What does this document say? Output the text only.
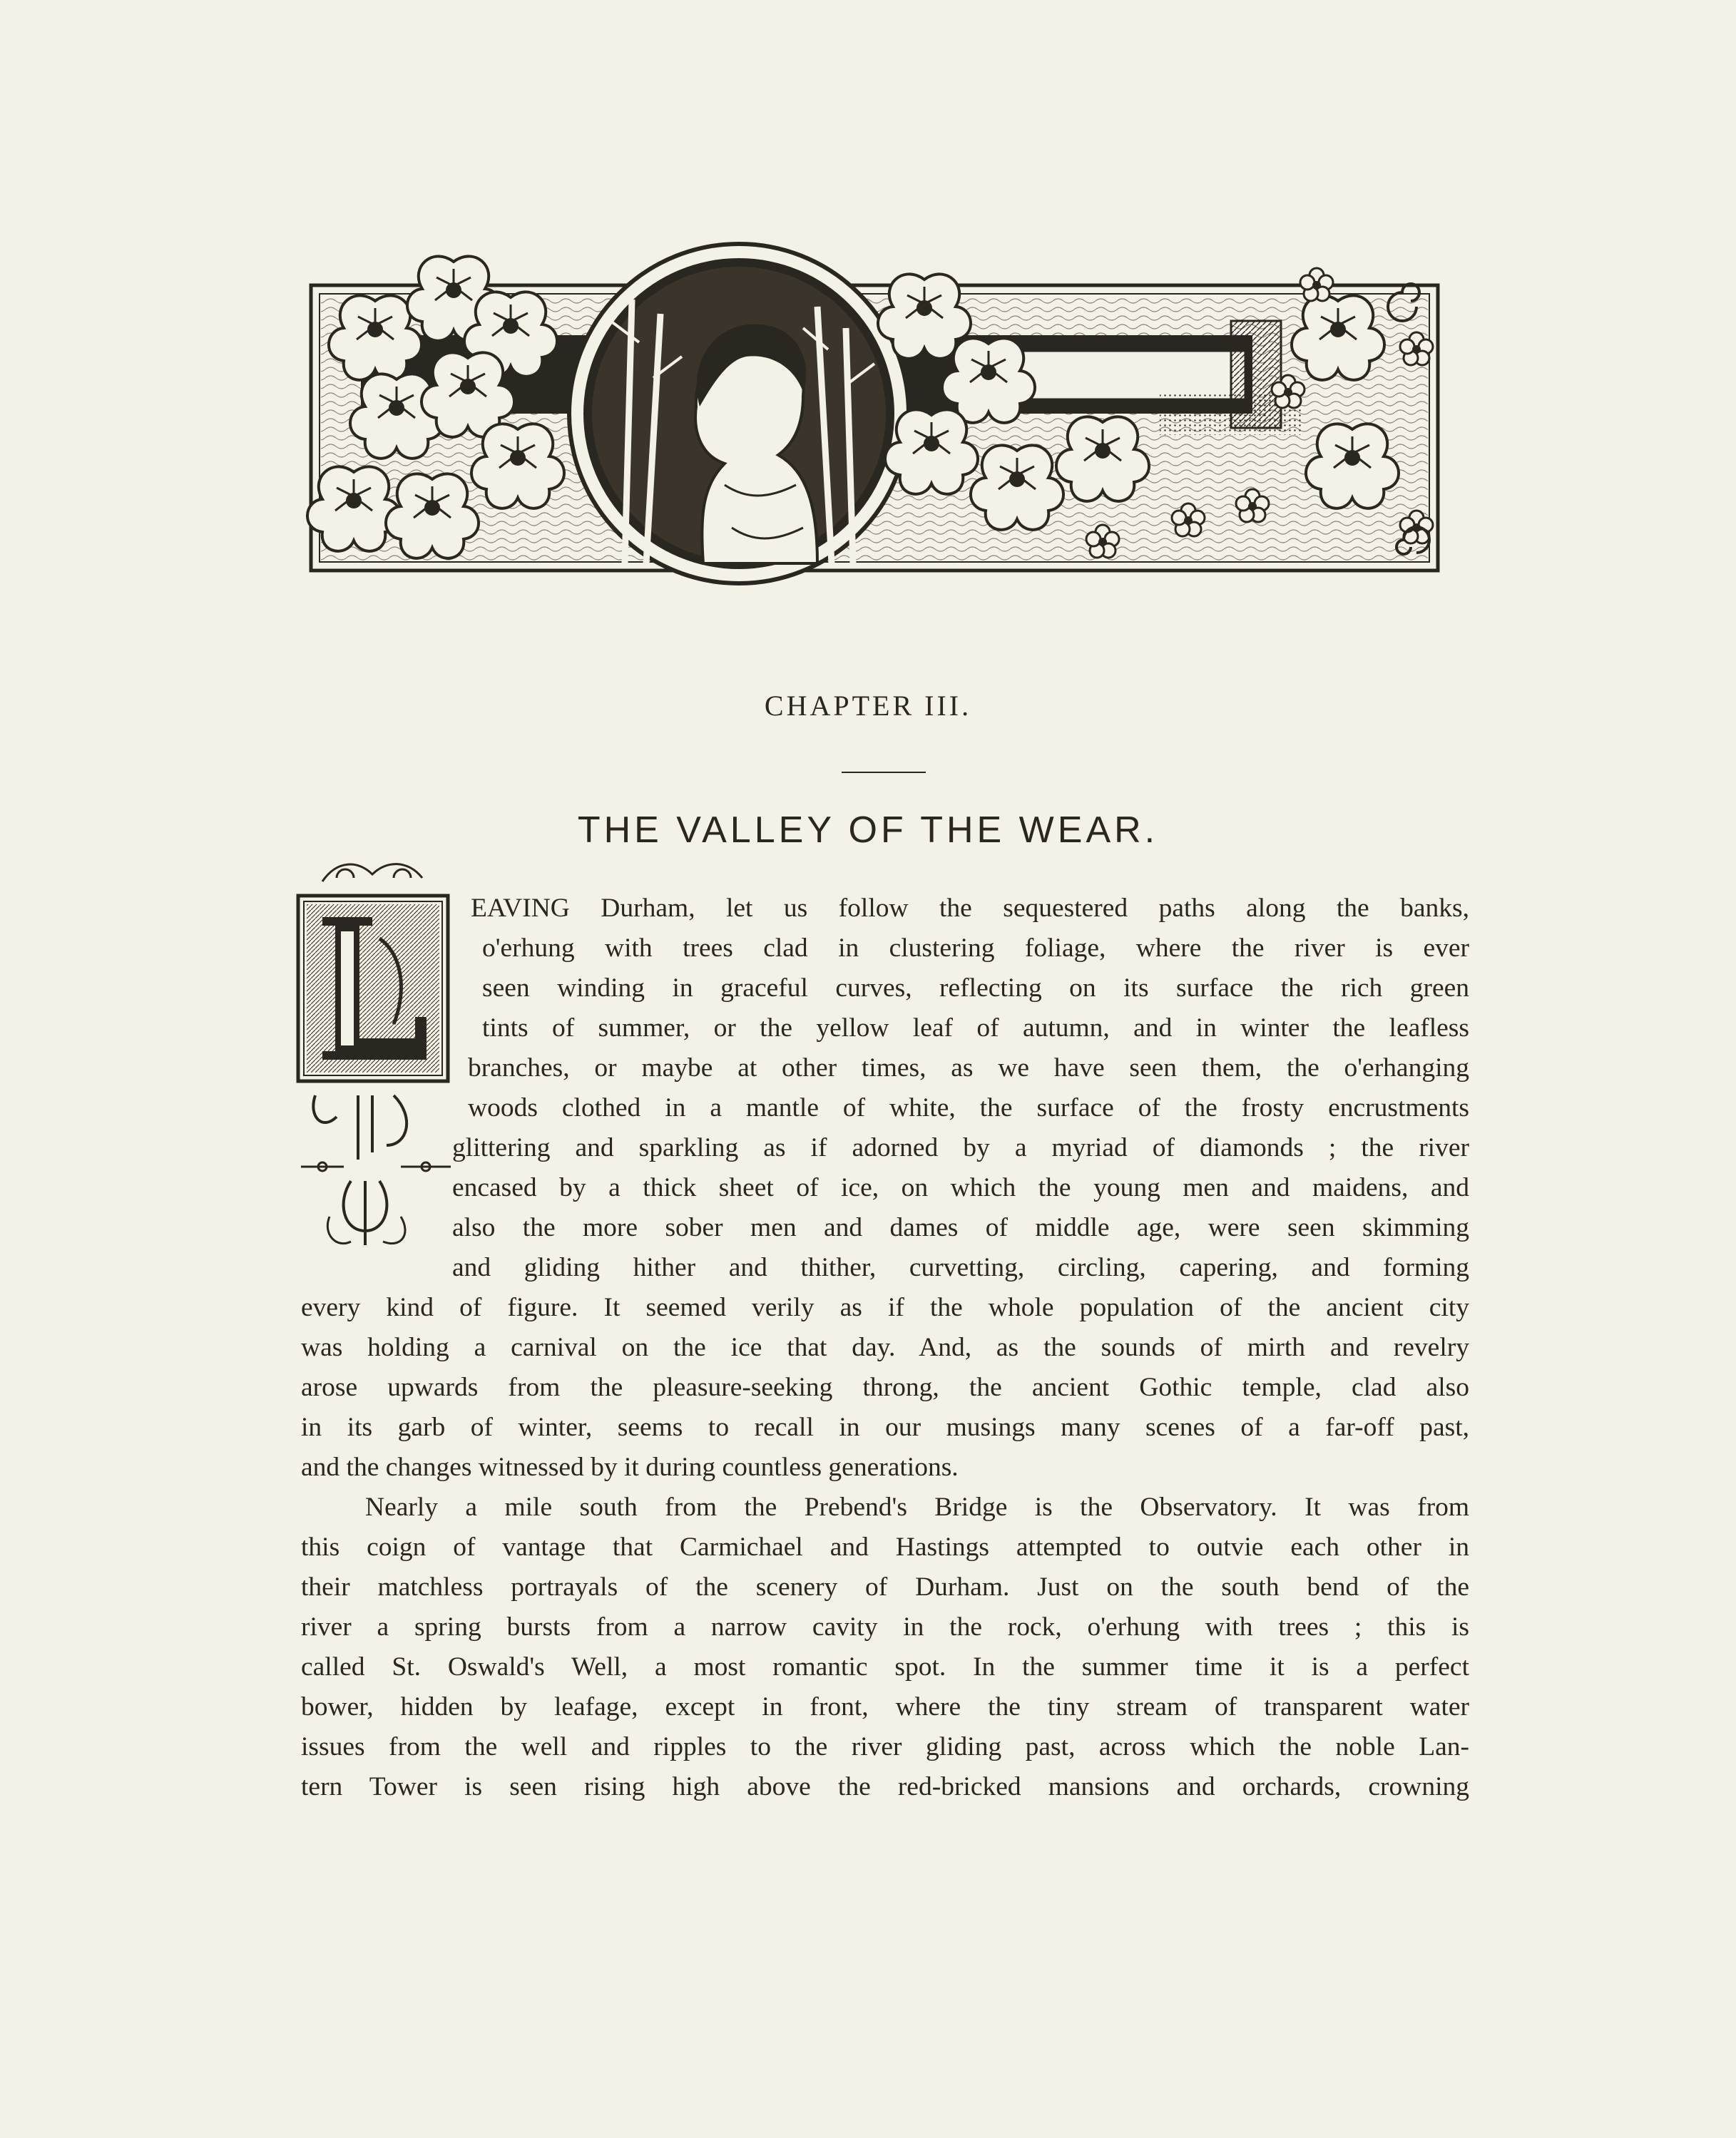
CHAPTER III.
THE VALLEY OF THE WEAR.
EAVING Durham, let us follow the sequestered paths along the banks,
o'erhung with trees clad in clustering foliage, where the river is ever
seen winding in graceful curves, reflecting on its surface the rich green
tints of summer, or the yellow leaf of autumn, and in winter the leafless
branches, or maybe at other times, as we have seen them, the o'erhanging
woods clothed in a mantle of white, the surface of the frosty encrustments
glittering and sparkling as if adorned by a myriad of diamonds ; the river
encased by a thick sheet of ice, on which the young men and maidens, and
also the more sober men and dames of middle age, were seen skimming
and gliding hither and thither, curvetting, circling, capering, and forming
every kind of figure. It seemed verily as if the whole population of the ancient city
was holding a carnival on the ice that day. And, as the sounds of mirth and revelry
arose upwards from the pleasure-seeking throng, the ancient Gothic temple, clad also
in its garb of winter, seems to recall in our musings many scenes of a far-off past,
and the changes witnessed by it during countless generations.
Nearly a mile south from the Prebend's Bridge is the Observatory. It was from
this coign of vantage that Carmichael and Hastings attempted to outvie each other in
their matchless portrayals of the scenery of Durham. Just on the south bend of the
river a spring bursts from a narrow cavity in the rock, o'erhung with trees ; this is
called St. Oswald's Well, a most romantic spot. In the summer time it is a perfect
bower, hidden by leafage, except in front, where the tiny stream of transparent water
issues from the well and ripples to the river gliding past, across which the noble Lan-
tern Tower is seen rising high above the red-bricked mansions and orchards, crowning
